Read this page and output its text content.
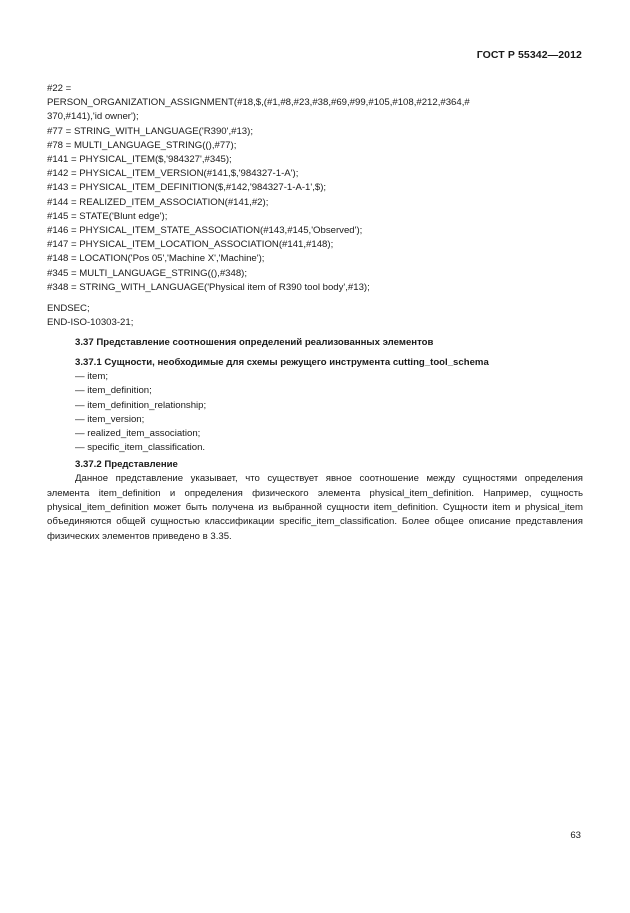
ГОСТ Р 55342—2012
#22 =
PERSON_ORGANIZATION_ASSIGNMENT(#18,$,(#1,#8,#23,#38,#69,#99,#105,#108,#212,#364,#
370,#141),'id owner');
#77 = STRING_WITH_LANGUAGE('R390',#13);
#78 = MULTI_LANGUAGE_STRING((),#77);
#141 = PHYSICAL_ITEM($,'984327',#345);
#142 = PHYSICAL_ITEM_VERSION(#141,$,'984327-1-A');
#143 = PHYSICAL_ITEM_DEFINITION($,#142,'984327-1-A-1',$);
#144 = REALIZED_ITEM_ASSOCIATION(#141,#2);
#145 = STATE('Blunt edge');
#146 = PHYSICAL_ITEM_STATE_ASSOCIATION(#143,#145,'Observed');
#147 = PHYSICAL_ITEM_LOCATION_ASSOCIATION(#141,#148);
#148 = LOCATION('Pos 05','Machine X','Machine');
#345 = MULTI_LANGUAGE_STRING((),#348);
#348 = STRING_WITH_LANGUAGE('Physical item of R390 tool body',#13);
ENDSEC;
END-ISO-10303-21;
3.37 Представление соотношения определений реализованных элементов
3.37.1 Сущности, необходимые для схемы режущего инструмента cutting_tool_schema
— item;
— item_definition;
— item_definition_relationship;
— item_version;
— realized_item_association;
— specific_item_classification.
3.37.2 Представление

Данное представление указывает, что существует явное соотношение между сущностями определения элемента item_definition и определения физического элемента physical_item_definition. Например, сущность physical_item_definition может быть получена из выбранной сущности item_definition. Сущности item и physical_item объединяются общей сущностью классификации specific_item_classification. Более общее описание представления физических элементов приведено в 3.35.

63
